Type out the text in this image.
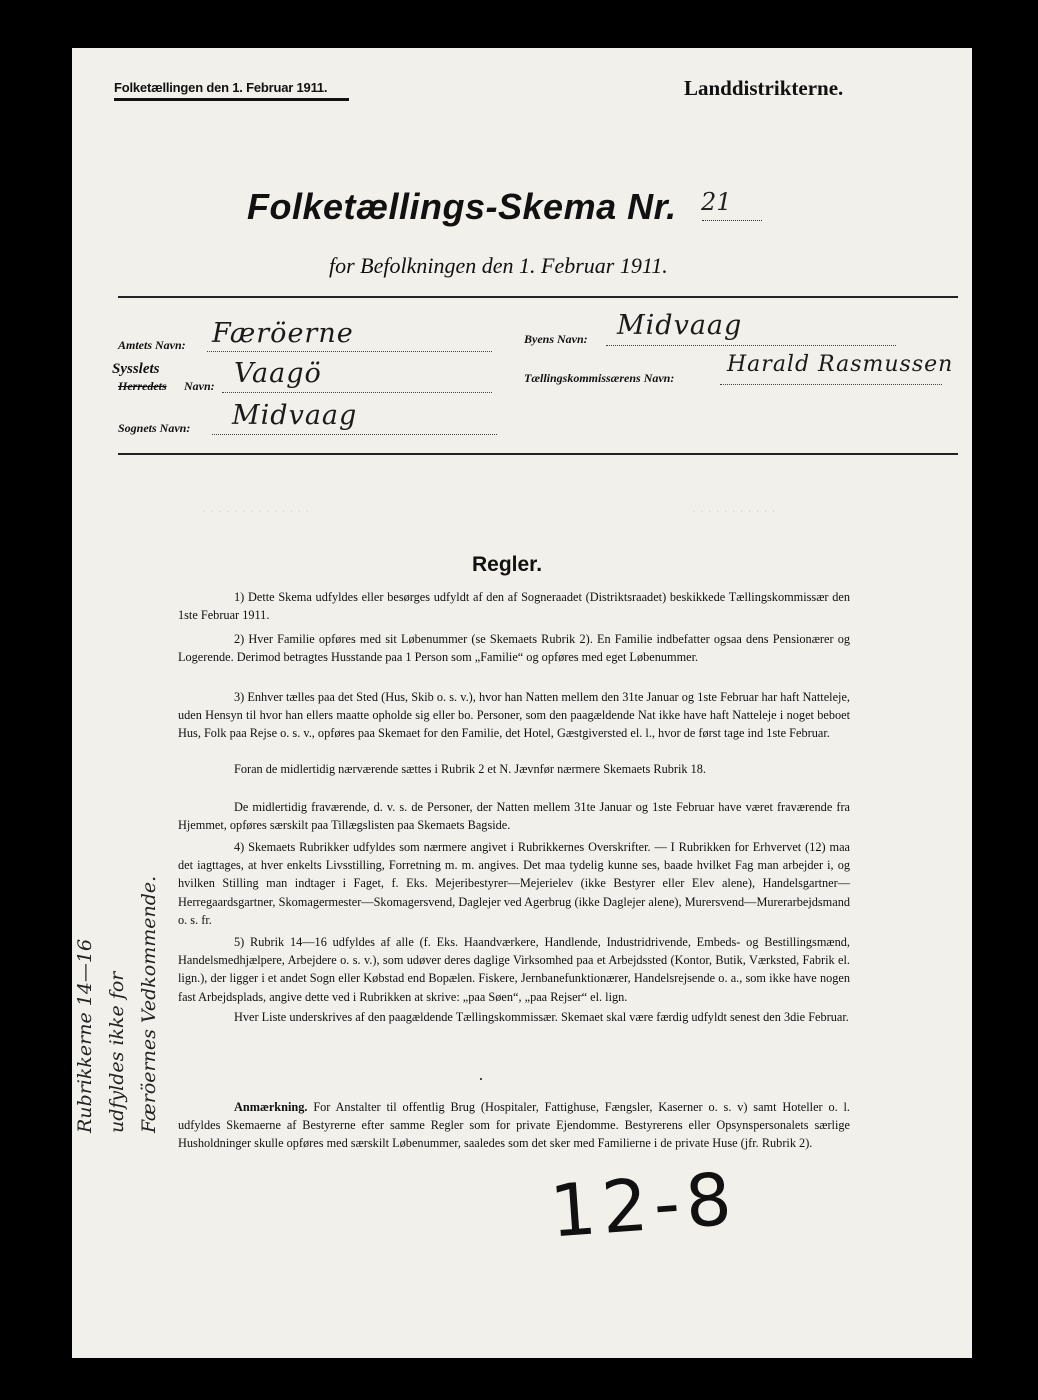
· · · · · · · · · · ·
· · · · · · · · · · · · · ·
Folketællingen den 1. Februar 1911.	Landdistrikterne.
Folketællings-Skema Nr. 21
for Befolkningen den 1. Februar 1911.
Amtets Navn: Færöerne
Sysslets
Herredets Navn: Vaagö
Sognets Navn: Midvaag
Byens Navn: Midvaag
Tællingskommissærens Navn:
Harald Rasmussen
Regler.

1) Dette Skema udfyldes eller besørges udfyldt af den af Sogneraadet (Distriktsraadet) beskikkede Tællingskommissær den 1ste Februar 1911.

2) Hver Familie opføres med sit Løbenummer (se Skemaets Rubrik 2). En Familie indbefatter ogsaa dens Pensionærer og Logerende. Derimod betragtes Husstande paa 1 Person som „Familie“ og opføres med eget Løbenummer.

3) Enhver tælles paa det Sted (Hus, Skib o. s. v.), hvor han Natten mellem den 31te Januar og 1ste Februar har haft Natteleje, uden Hensyn til hvor han ellers maatte opholde sig eller bo. Personer, som den paagældende Nat ikke have haft Natteleje i noget beboet Hus, Folk paa Rejse o. s. v., opføres paa Skemaet for den Familie, det Hotel, Gæstgiversted el. l., hvor de først tage ind 1ste Februar.

Foran de midlertidig nærværende sættes i Rubrik 2 et N. Jævnfør nærmere Skemaets Rubrik 18.

De midlertidig fraværende, d. v. s. de Personer, der Natten mellem 31te Januar og 1ste Februar have været fraværende fra Hjemmet, opføres særskilt paa Tillægslisten paa Skemaets Bagside.

4) Skemaets Rubrikker udfyldes som nærmere angivet i Rubrikkernes Overskrifter. — I Rubrikken for Erhvervet (12) maa det iagttages, at hver enkelts Livsstilling, Forretning m. m. angives. Det maa tydelig kunne ses, baade hvilket Fag man arbejder i, og hvilken Stilling man indtager i Faget, f. Eks. Mejeribestyrer—Mejerielev (ikke Bestyrer eller Elev alene), Handelsgartner—Herregaardsgartner, Skomagermester—Skomagersvend, Daglejer ved Agerbrug (ikke Daglejer alene), Murersvend—Murerarbejdsmand o. s. fr.

5) Rubrik 14—16 udfyldes af alle (f. Eks. Haandværkere, Handlende, Industridrivende, Embeds- og Bestillingsmænd, Handelsmedhjælpere, Arbejdere o. s. v.), som udøver deres daglige Virksomhed paa et Arbejdssted (Kontor, Butik, Værksted, Fabrik el. lign.), der ligger i et andet Sogn eller Købstad end Bopælen. Fiskere, Jernbanefunktionærer, Handelsrejsende o. a., som ikke have nogen fast Arbejdsplads, angive dette ved i Rubrikken at skrive: „paa Søen“, „paa Rejser“ el. lign.

Hver Liste underskrives af den paagældende Tællingskommissær. Skemaet skal være færdig udfyldt senest den 3die Februar.

Anmærkning. For Anstalter til offentlig Brug (Hospitaler, Fattighuse, Fængsler, Kaserner o. s. v) samt Hoteller o. l. udfyldes Skemaerne af Bestyrerne efter samme Regler som for private Ejendomme. Bestyrerens eller Opsynspersonalets særlige Husholdninger skulle opføres med særskilt Løbenummer, saaledes som det sker med Familierne i de private Huse (jfr. Rubrik 2).

Rubrikkerne 14—16 udfyldes ikke for Færöernes Vedkommende.
12-8
